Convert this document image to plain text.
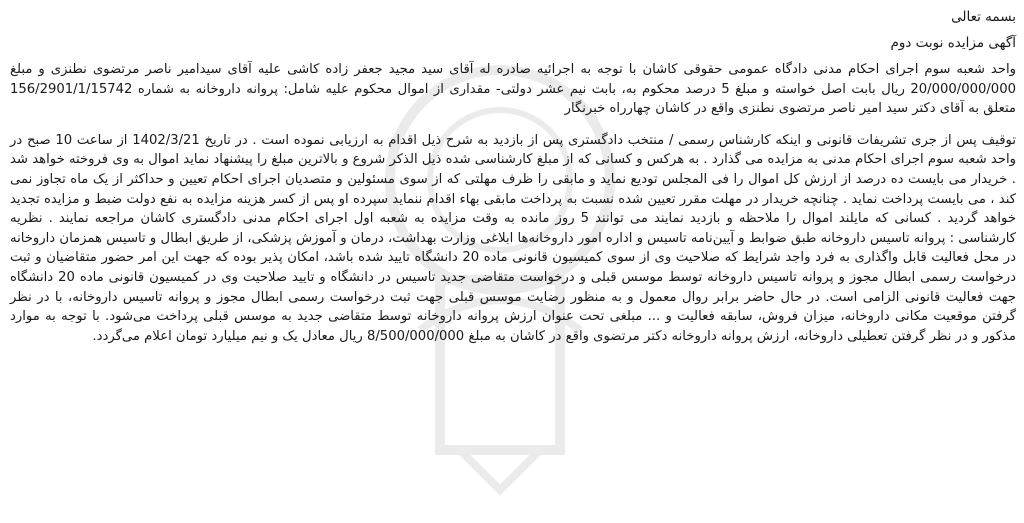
بسمه تعالی

آگهی مزایده نوبت دوم

واحد شعبه سوم اجرای احکام مدنی دادگاه عمومی حقوقی کاشان با توجه به اجرائیه صادره له آقای سید مجید جعفر زاده کاشی علیه آقای سیدامیر ناصر مرتضوی نطنزی و مبلغ 20/000/000/000 ریال بابت اصل خواسته و مبلغ 5 درصد محکوم به، بابت نیم عشر دولتی- مقداری از اموال محکوم علیه شامل: پروانه داروخانه به شماره 156/2901/1/15742 متعلق به آقای دکتر سید امیر ناصر مرتضوی نطنزی واقع در کاشان چهارراه خبرنگار

توقیف پس از جری تشریفات قانونی و اینکه کارشناس رسمی / منتخب دادگستری پس از بازدید به شرح ذیل اقدام به ارزیابی نموده است . در تاریخ 1402/3/21 از ساعت 10 صبح در واحد شعبه سوم اجرای احکام مدنی به مزایده می گذارد . به هرکس و کسانی که از مبلغ کارشناسی شده ذیل الذکر شروع و بالاترین مبلغ را پیشنهاد نماید اموال به وی فروخته خواهد شد . خریدار می بایست ده درصد از ارزش کل اموال را فی المجلس تودیع نماید و مابقی را ظرف مهلتی که از سوی مسئولین و متصدیان اجرای احکام تعیین و حداکثر از یک ماه تجاوز نمی کند ، می بایست پرداخت نماید . چنانچه خریدار در مهلت مقرر تعیین شده نسبت به پرداخت مابقی بهاء اقدام ننماید سپرده او پس از کسر هزینه مزایده به نفع دولت ضبط و مزایده تجدید خواهد گردید . کسانی که مایلند اموال را ملاحظه و بازدید نمایند می توانند 5 روز مانده به وقت مزایده به شعبه اول اجرای احکام مدنی دادگستری کاشان مراجعه نمایند . نظریه کارشناسی : پروانه تاسیس داروخانه طبق ضوابط و آیین‌نامه تاسیس و اداره امور داروخانه‌ها ابلاغی وزارت بهداشت، درمان و آموزش پزشکی، از طریق ابطال و تاسیس همزمان داروخانه در محل فعالیت قابل واگذاری به فرد واجد شرایط که صلاحیت وی از سوی کمیسیون قانونی ماده 20 دانشگاه تایید شده باشد، امکان پذیر بوده که جهت این امر حضور متقاضیان و ثبت درخواست رسمی ابطال مجوز و پروانه تاسیس داروخانه توسط موسس قبلی و درخواست متقاضی جدید تاسیس در دانشگاه و تایید صلاحیت وی در کمیسیون قانونی ماده 20 دانشگاه جهت فعالیت قانونی الزامی است. در حال حاضر برابر روال معمول و به منظور رضایت موسس قبلی جهت ثبت درخواست رسمی ابطال مجوز و پروانه تاسیس داروخانه، با در نظر گرفتن موقعیت مکانی داروخانه، میزان فروش، سابقه فعالیت و ... مبلغی تحت عنوان ارزش پروانه داروخانه توسط متقاضی جدید به موسس قبلی پرداخت می‌شود. با توجه به موارد مذکور و در نظر گرفتن تعطیلی داروخانه، ارزش پروانه داروخانه دکتر مرتضوی واقع در کاشان به مبلغ 8/500/000/000 ریال معادل یک و نیم میلیارد تومان اعلام می‌گردد.
